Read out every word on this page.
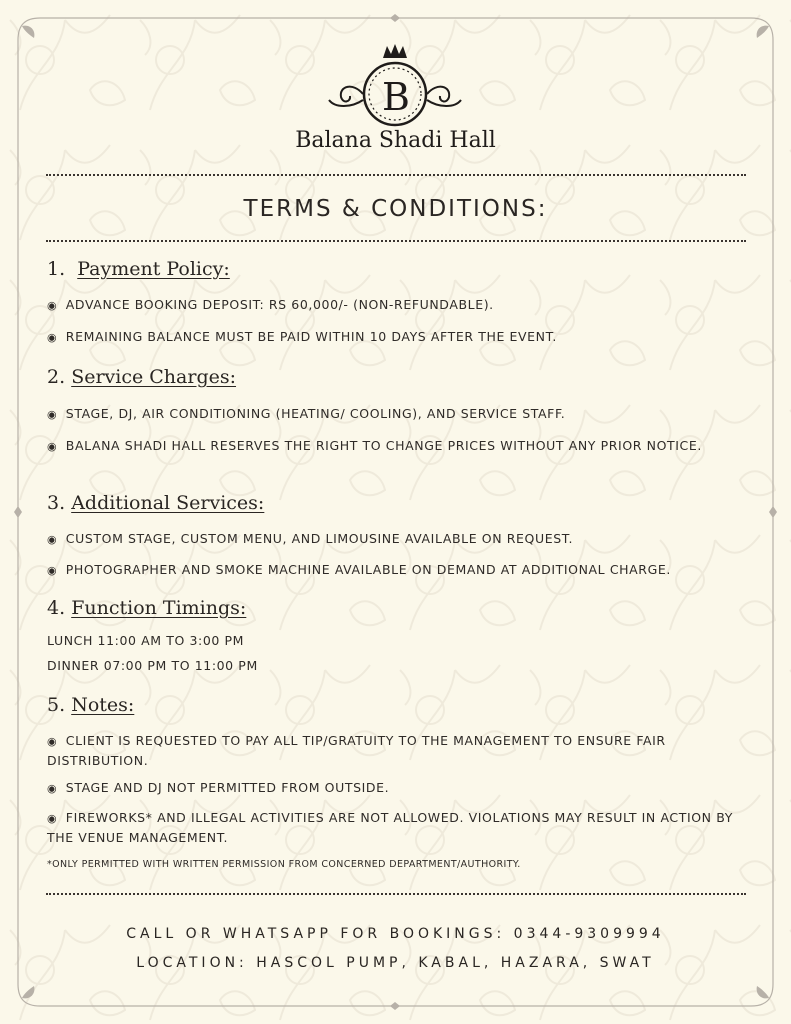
B
Balana Shadi Hall
TERMS & CONDITIONS:
1. Payment Policy:
◉ ADVANCE BOOKING DEPOSIT: RS 60,000/- (NON-REFUNDABLE).
◉ REMAINING BALANCE MUST BE PAID WITHIN 10 DAYS AFTER THE EVENT.
2. Service Charges:
◉ STAGE, DJ, AIR CONDITIONING (HEATING/ COOLING), AND SERVICE STAFF.
◉ BALANA SHADI HALL RESERVES THE RIGHT TO CHANGE PRICES WITHOUT ANY PRIOR NOTICE.
3. Additional Services:
◉ CUSTOM STAGE, CUSTOM MENU, AND LIMOUSINE AVAILABLE ON REQUEST.
◉ PHOTOGRAPHER AND SMOKE MACHINE AVAILABLE ON DEMAND AT ADDITIONAL CHARGE.
4. Function Timings:
LUNCH 11:00 AM TO 3:00 PM
DINNER 07:00 PM TO 11:00 PM
5. Notes:
◉ CLIENT IS REQUESTED TO PAY ALL TIP/GRATUITY TO THE MANAGEMENT TO ENSURE FAIR DISTRIBUTION.
◉ STAGE AND DJ NOT PERMITTED FROM OUTSIDE.
◉ FIREWORKS* AND ILLEGAL ACTIVITIES ARE NOT ALLOWED. VIOLATIONS MAY RESULT IN ACTION BY THE VENUE MANAGEMENT.
*ONLY PERMITTED WITH WRITTEN PERMISSION FROM CONCERNED DEPARTMENT/AUTHORITY.
CALL OR WHATSAPP FOR BOOKINGS: 0344-9309994
LOCATION: HASCOL PUMP, KABAL, HAZARA, SWAT
